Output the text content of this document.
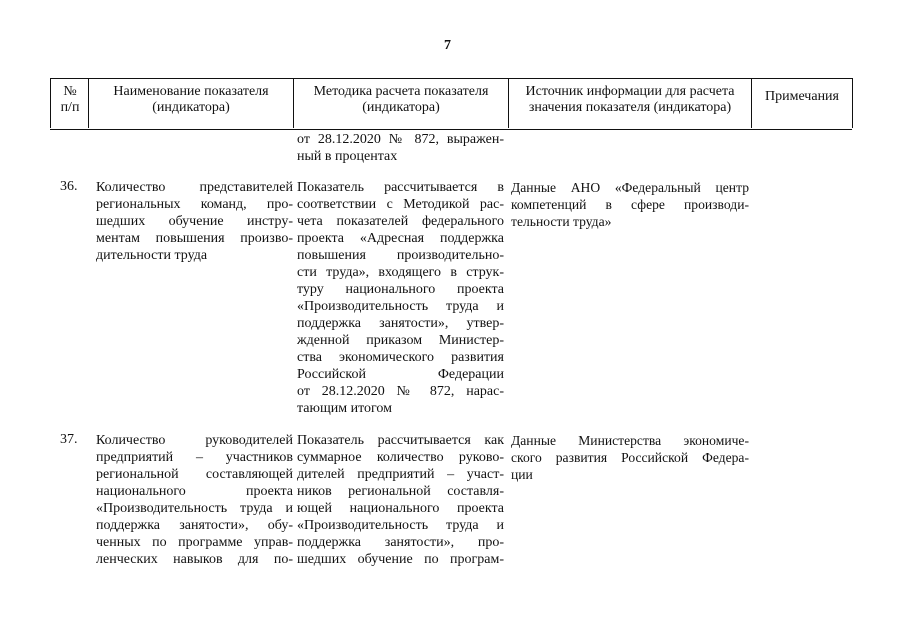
7
№
п/п
Наименование показателя
(индикатора)
Методика расчета показателя
(индикатора)
Источник информации для расчета
значения показателя (индикатора)
Примечания
от 28.12.2020 № 872, выражен-
ный в процентах
36. Количество представителей
региональных команд, про-
шедших обучение инстру-
ментам повышения произво-
дительности труда
Показатель рассчитывается в
соответствии с Методикой рас-
чета показателей федерального
проекта «Адресная поддержка
повышения производительно-
сти труда», входящего в струк-
туру национального проекта
«Производительность труда и
поддержка занятости», утвер-
жденной приказом Министер-
ства экономического развития
Российской Федерации
от 28.12.2020 № 872, нарас-
тающим итогом
Данные АНО «Федеральный центр
компетенций в сфере производи-
тельности труда»
37. Количество руководителей
предприятий – участников
региональной составляющей
национального проекта
«Производительность труда и
поддержка занятости», обу-
ченных по программе управ-
ленческих навыков для по-
Показатель рассчитывается как
суммарное количество руково-
дителей предприятий – участ-
ников региональной составля-
ющей национального проекта
«Производительность труда и
поддержка занятости», про-
шедших обучение по програм-
Данные Министерства экономиче-
ского развития Российской Федера-
ции
